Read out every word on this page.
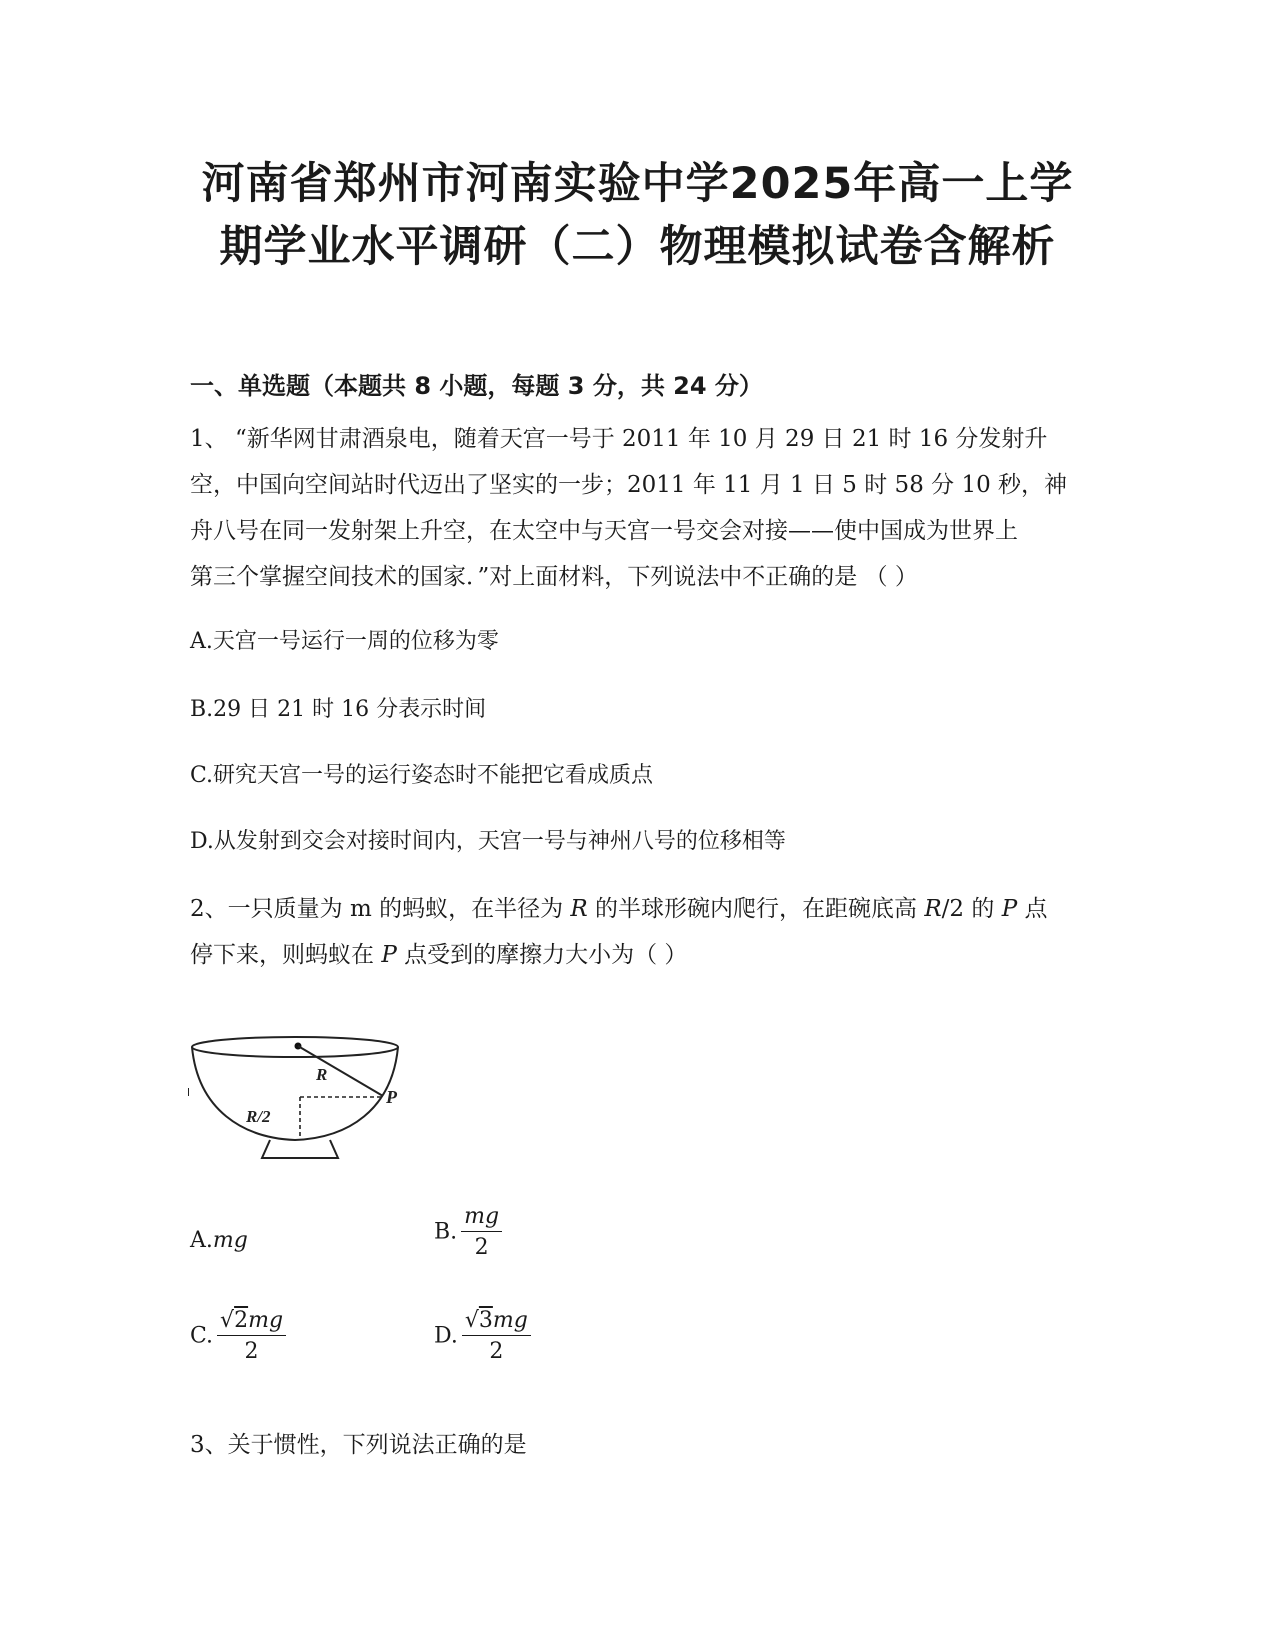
河南省郑州市河南实验中学2025年高一上学
期学业水平调研（二）物理模拟试卷含解析
一、单选题（本题共 8 小题，每题 3 分，共 24 分）
1、 “新华网甘肃酒泉电，随着天宫一号于 2011 年 10 月 29 日 21 时 16 分发射升
空，中国向空间站时代迈出了坚实的一步；2011 年 11 月 1 日 5 时 58 分 10 秒，神
舟八号在同一发射架上升空，在太空中与天宫一号交会对接——使中国成为世界上
第三个掌握空间技术的国家．”对上面材料，下列说法中不正确的是 （ ）
A.天宫一号运行一周的位移为零
B.29 日 21 时 16 分表示时间
C.研究天宫一号的运行姿态时不能把它看成质点
D.从发射到交会对接时间内，天宫一号与神州八号的位移相等
2、一只质量为 m 的蚂蚁，在半径为 R 的半球形碗内爬行，在距碗底高 R/2 的 P 点
停下来，则蚂蚁在 P 点受到的摩擦力大小为（ ）
R
P
R/2
A.mg	B. $\frac{mg}{2}$
C. $\frac{√2mg}{2}$	D. $\frac{√3mg}{2}$
3、关于惯性，下列说法正确的是
